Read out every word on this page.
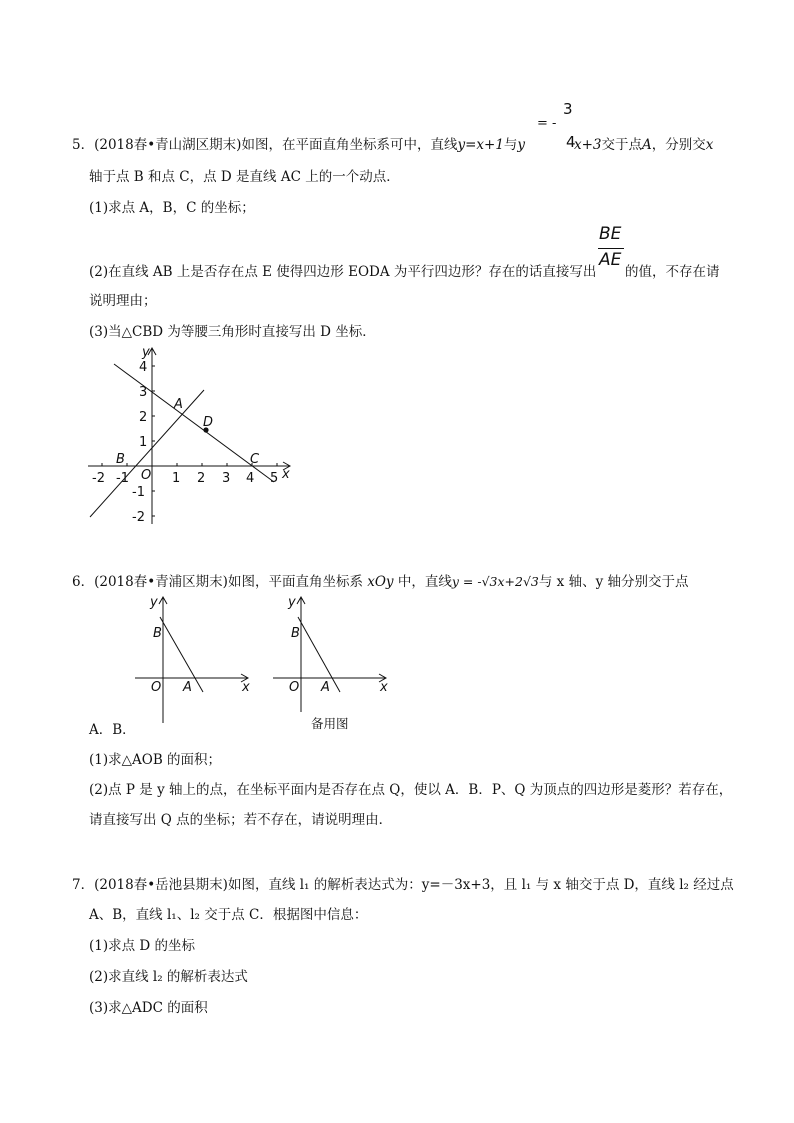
3
= -
4
5．(2018春•青山湖区期末)如图，在平面直角坐标系可中，直线y=x+1与y	x+3交于点A，分别交x
轴于点 B 和点 C，点 D 是直线 AC 上的一个动点．
(1)求点 A，B，C 的坐标；
BE
AE
(2)在直线 AB 上是否存在点 E 使得四边形 EODA 为平行四边形？存在的话直接写出 的值，不存在请
说明理由；
(3)当△CBD 为等腰三角形时直接写出 D 坐标．
-2 -1	1 2 3 4 5
4
3
2
1
-1
-2
y
x
O
A
B	C
D
6．(2018春•青浦区期末)如图，平面直角坐标系 xOy 中，直线y = -√3x+2√3与 x 轴、y 轴分别交于点
y
B
O A	x
y
B
O A	x
A．B．	备用图
(1)求△AOB 的面积；
(2)点 P 是 y 轴上的点，在坐标平面内是否存在点 Q，使以 A．B．P、Q 为顶点的四边形是菱形？若存在，
请直接写出 Q 点的坐标；若不存在，请说明理由．
7．(2018春•岳池县期末)如图，直线 l₁ 的解析表达式为：y=－3x+3，且 l₁ 与 x 轴交于点 D，直线 l₂ 经过点
A、B，直线 l₁、l₂ 交于点 C．根据图中信息：
(1)求点 D 的坐标
(2)求直线 l₂ 的解析表达式
(3)求△ADC 的面积
